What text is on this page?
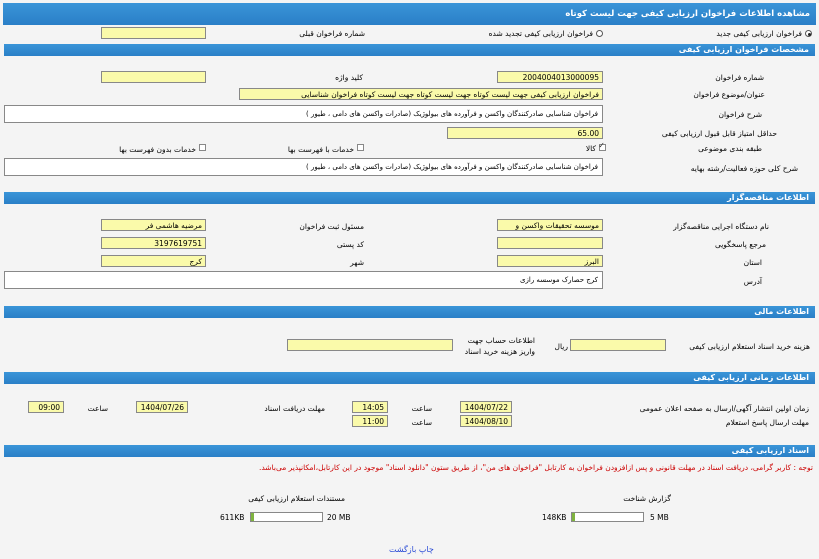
مشاهده اطلاعات فراخوان ارزیابی کیفی جهت لیست کوتاه
فراخوان ارزیابی کیفی جدید
فراخوان ارزیابی کیفی تجدید شده
شماره فراخوان قبلی
مشخصات فراخوان ارزیابی کیفی
شماره فراخوان
2004004013000095
کلید واژه
عنوان/موضوع فراخوان
فراخوان ارزیابی کیفی جهت لیست کوتاه جهت لیست کوتاه جهت لیست کوتاه فراخوان شناسایی
شرح فراخوان
فراخوان شناسایی صادرکنندگان واکسن و فرآورده های بیولوژیک (صادرات واکسن های دامی ، طیور )
حداقل امتیاز قابل قبول ارزیابی کیفی
65.00
طبقه بندی موضوعی
✓
کالا
خدمات با فهرست بها
خدمات بدون فهرست بها
شرح کلی حوزه فعالیت/رشته بهایه
فراخوان شناسایی صادرکنندگان واکسن و فرآورده های بیولوژیک (صادرات واکسن های دامی ، طیور )
اطلاعات مناقصه‌گزار
نام دستگاه اجرایی مناقصه‌گزار
موسسه تحقیقات واکسن و
مسئول ثبت فراخوان
مرضیه هاشمی فر
مرجع پاسخگویی
کد پستی
3197619751
استان
البرز
شهر
کرج
آدرس
کرج حصارک موسسه رازی
اطلاعات مالی
هزینه خرید اسناد استعلام ارزیابی کیفی
ریال
اطلاعات حساب جهت
واریز هزینه خرید اسناد
اطلاعات زمانی ارزیابی کیفی
زمان اولین انتشار آگهی/ارسال به صفحه اعلان عمومی
1404/07/22
ساعت
14:05
مهلت دریافت اسناد
1404/07/26
ساعت
09:00
مهلت ارسال پاسخ استعلام
1404/08/10
ساعت
11:00
اسناد ارزیابی کیفی
توجه : کاربر گرامی، دریافت اسناد در مهلت قانونی و پس ازافزودن فراخوان به کارتابل "فراخوان های من"، از طریق ستون "دانلود اسناد" موجود در این کارتابل،امکانپذیر می‌باشد.
گزارش شناخت
5 MB
148KB
مستندات استعلام ارزیابی کیفی
20 MB
611KB
چاپ بازگشت
